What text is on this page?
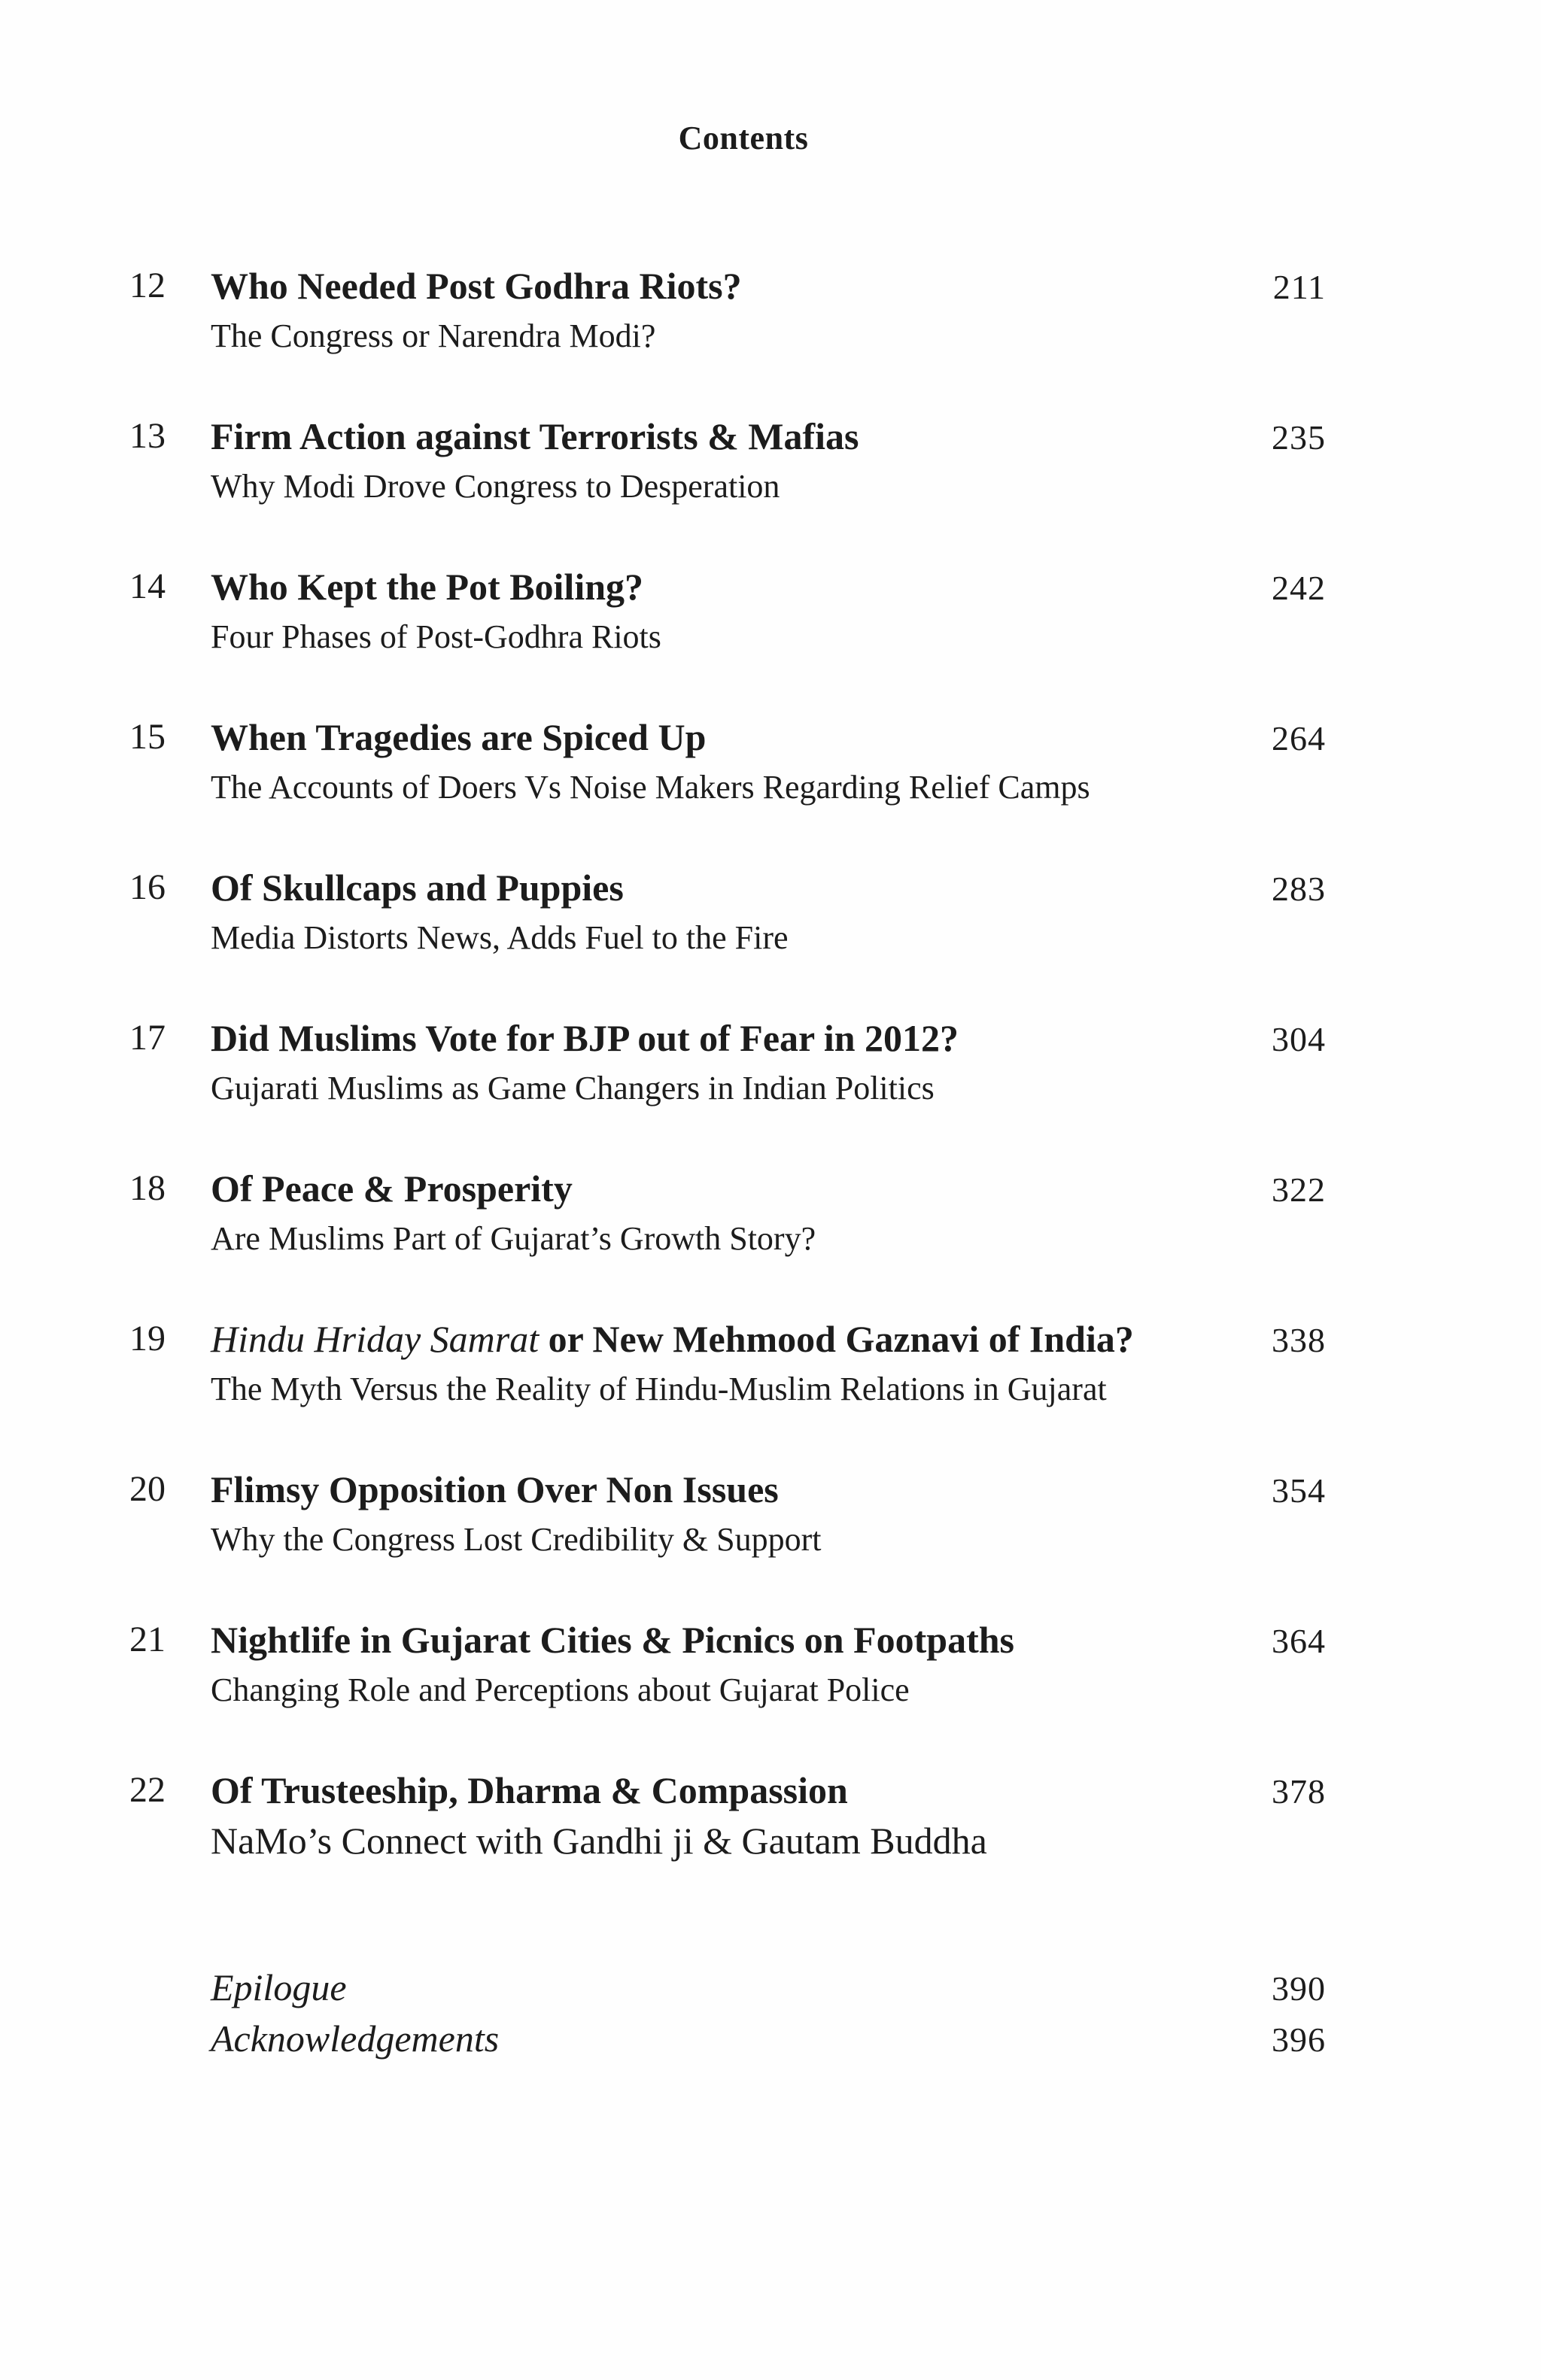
Contents
12 Who Needed Post Godhra Riots?
The Congress or Narendra Modi?
211
13 Firm Action against Terrorists & Mafias
Why Modi Drove Congress to Desperation
235
14 Who Kept the Pot Boiling?
Four Phases of Post-Godhra Riots
242
15 When Tragedies are Spiced Up
The Accounts of Doers Vs Noise Makers Regarding Relief Camps
264
16 Of Skullcaps and Puppies
Media Distorts News, Adds Fuel to the Fire
283
17 Did Muslims Vote for BJP out of Fear in 2012?
Gujarati Muslims as Game Changers in Indian Politics
304
18 Of Peace & Prosperity
Are Muslims Part of Gujarat’s Growth Story?
322
19 Hindu Hriday Samrat or New Mehmood Gaznavi of India?
The Myth Versus the Reality of Hindu-Muslim Relations in Gujarat
338
20 Flimsy Opposition Over Non Issues
Why the Congress Lost Credibility & Support
354
21 Nightlife in Gujarat Cities & Picnics on Footpaths
Changing Role and Perceptions about Gujarat Police
364
22 Of Trusteeship, Dharma & Compassion
NaMo’s Connect with Gandhi ji & Gautam Buddha
378
Epilogue	390
Acknowledgements	396
